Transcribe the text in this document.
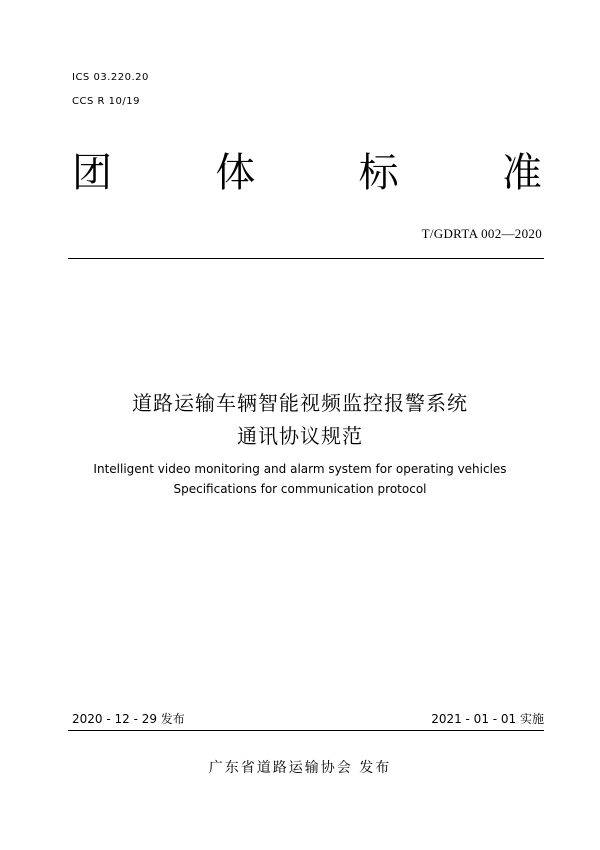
ICS 03.220.20
CCS R 10/19
团	体	标	准
T/GDRTA 002—2020
道路运输车辆智能视频监控报警系统
通讯协议规范
Intelligent video monitoring and alarm system for operating vehicles
Specifications for communication protocol
2020 - 12 - 29 发布	2021 - 01 - 01 实施
广东省道路运输协会 发布
